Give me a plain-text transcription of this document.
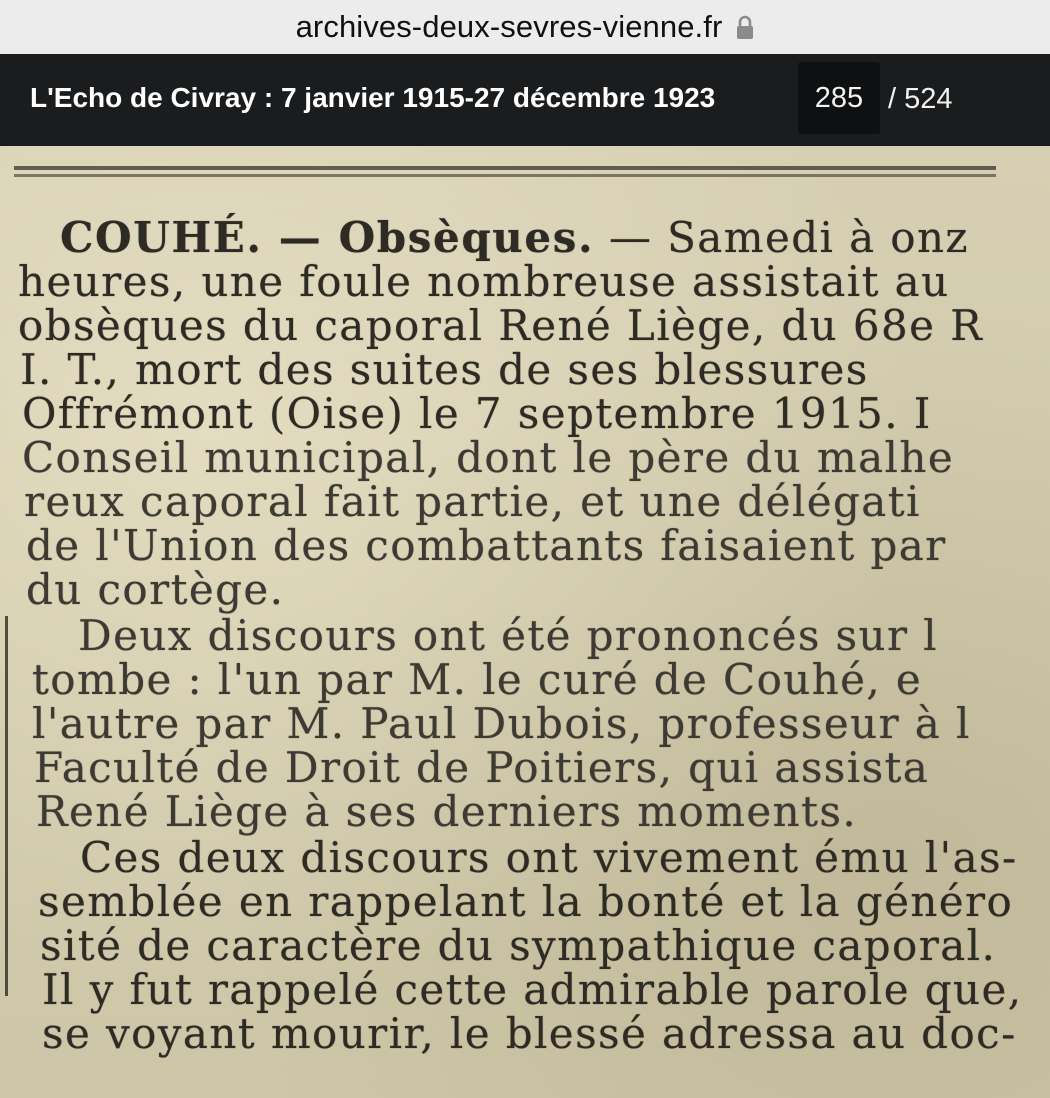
archives-deux-sevres-vienne.fr
L'Echo de Civray : 7 janvier 1915-27 décembre 1923	285 / 524
COUHÉ. — Obsèques. — Samedi à onz
heures, une foule nombreuse assistait au
obsèques du caporal René Liège, du 68e R
I. T., mort des suites de ses blessures
Offrémont (Oise) le 7 septembre 1915. I
Conseil municipal, dont le père du malhe
reux caporal fait partie, et une délégati
de l'Union des combattants faisaient par
du cortège.
Deux discours ont été prononcés sur l
tombe : l'un par M. le curé de Couhé, e
l'autre par M. Paul Dubois, professeur à l
Faculté de Droit de Poitiers, qui assista
René Liège à ses derniers moments.
Ces deux discours ont vivement ému l'as-
semblée en rappelant la bonté et la généro
sité de caractère du sympathique caporal.
Il y fut rappelé cette admirable parole que,
se voyant mourir, le blessé adressa au doc-
